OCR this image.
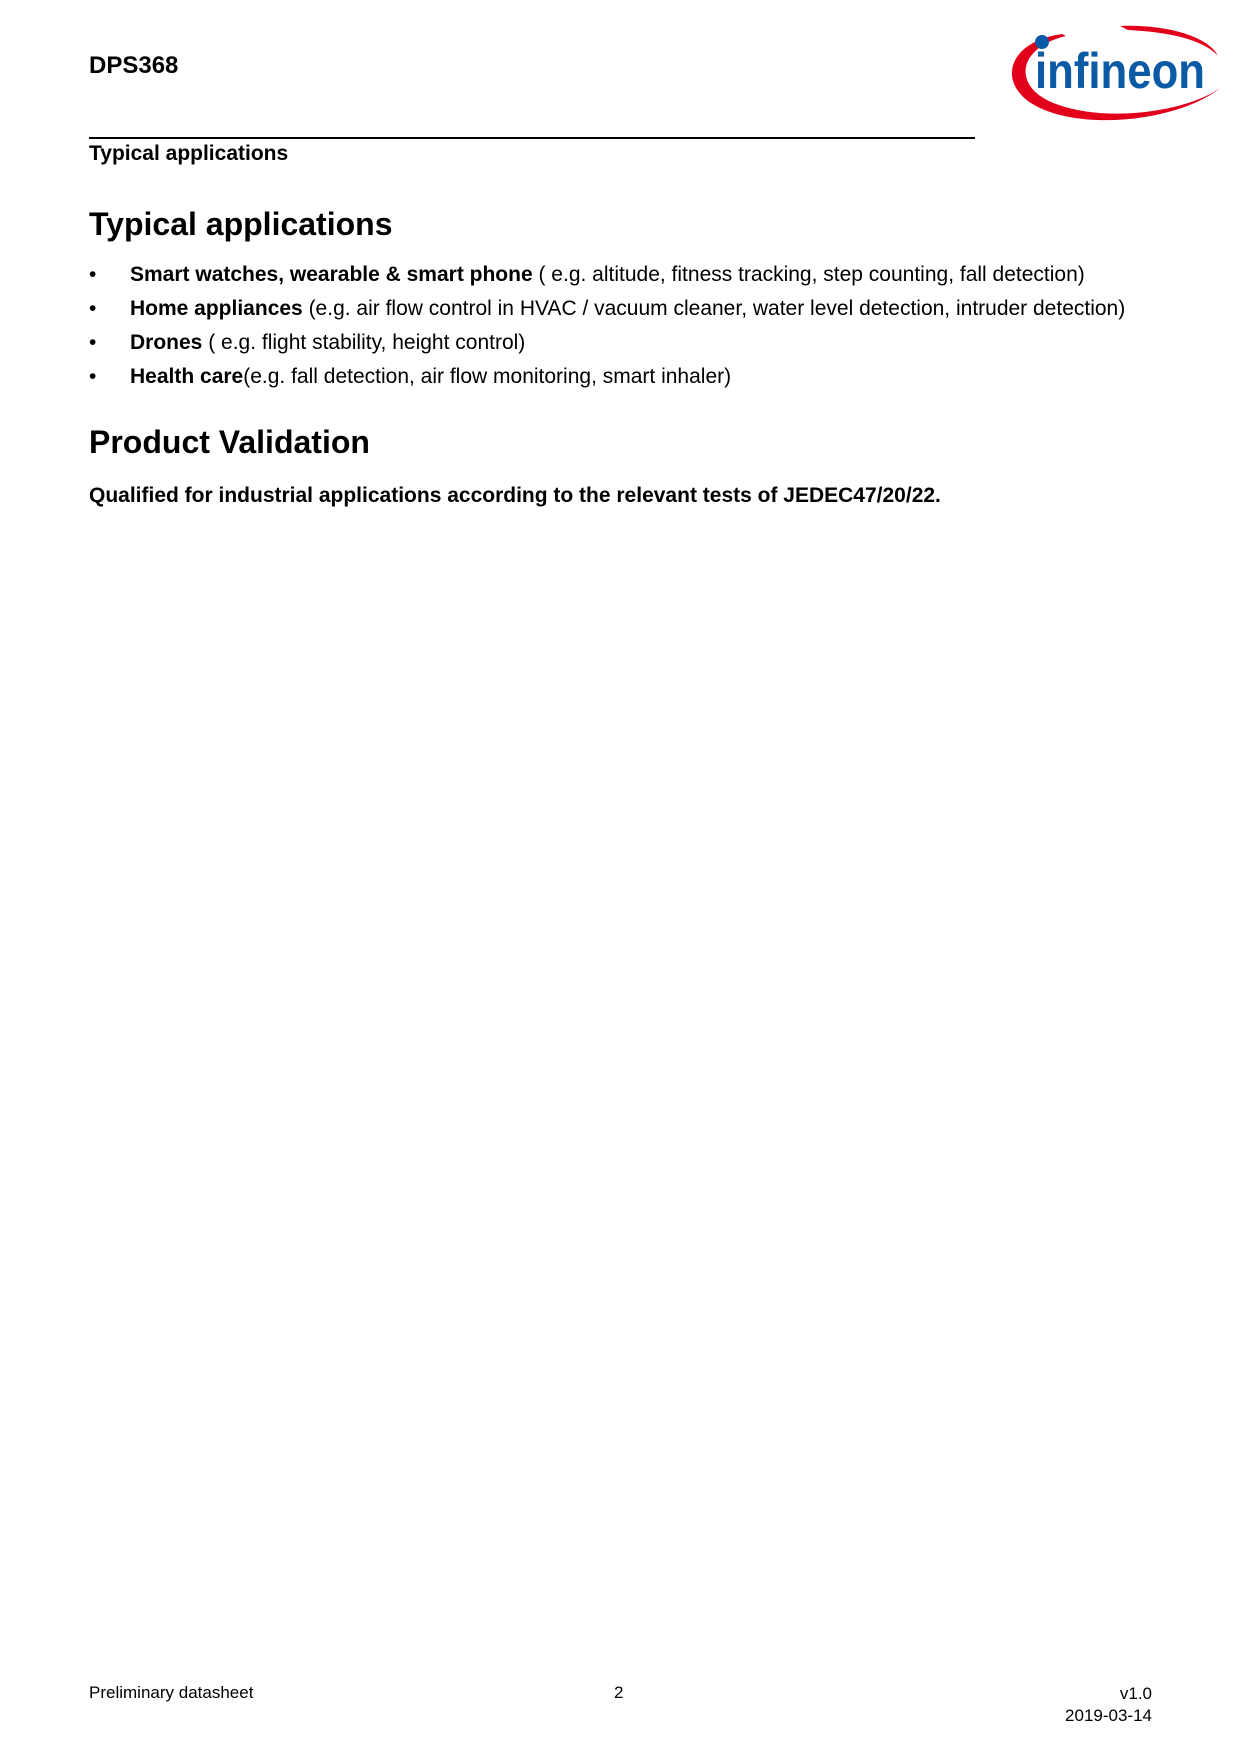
DPS368	infineon
Typical applications
Typical applications
• Smart watches, wearable & smart phone ( e.g. altitude, fitness tracking, step counting, fall detection)
• Home appliances (e.g. air flow control in HVAC / vacuum cleaner, water level detection, intruder detection)
• Drones ( e.g. flight stability, height control)
• Health care(e.g. fall detection, air flow monitoring, smart inhaler)
Product Validation

Qualified for industrial applications according to the relevant tests of JEDEC47/20/22.

Preliminary datasheet	2	v1.0
2019-03-14
